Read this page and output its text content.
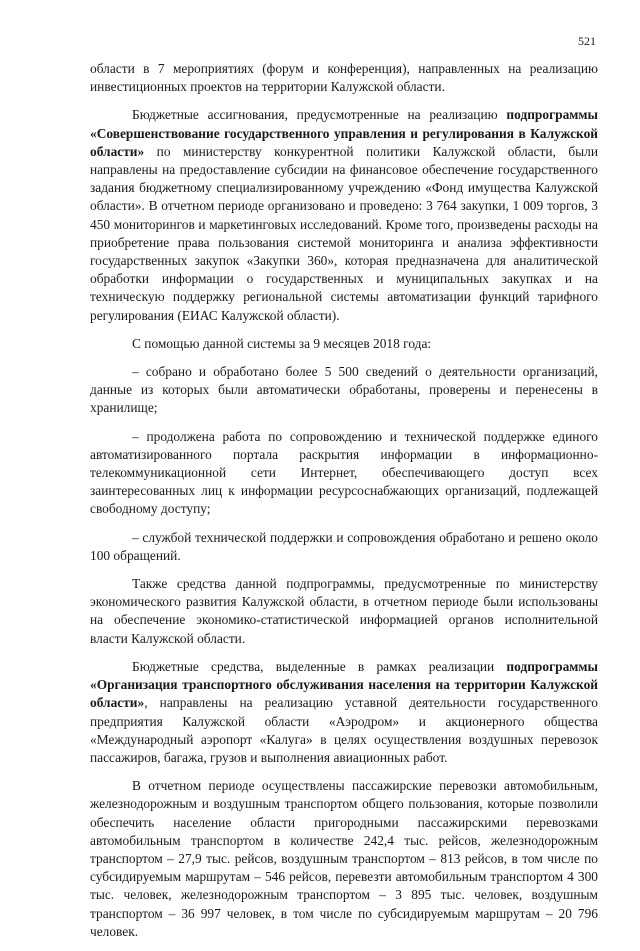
521

области в 7 мероприятиях (форум и конференция), направленных на реализацию инвестиционных проектов на территории Калужской области.

Бюджетные ассигнования, предусмотренные на реализацию подпрограммы «Совершенствование государственного управления и регулирования в Калужской области» по министерству конкурентной политики Калужской области, были направлены на предоставление субсидии на финансовое обеспечение государственного задания бюджетному специализированному учреждению «Фонд имущества Калужской области». В отчетном периоде организовано и проведено: 3 764 закупки, 1 009 торгов, 3 450 мониторингов и маркетинговых исследований. Кроме того, произведены расходы на приобретение права пользования системой мониторинга и анализа эффективности государственных закупок «Закупки 360», которая предназначена для аналитической обработки информации о государственных и муниципальных закупках и на техническую поддержку региональной системы автоматизации функций тарифного регулирования (ЕИАС Калужской области).

С помощью данной системы за 9 месяцев 2018 года:

– собрано и обработано более 5 500 сведений о деятельности организаций, данные из которых были автоматически обработаны, проверены и перенесены в хранилище;

– продолжена работа по сопровождению и технической поддержке единого автоматизированного портала раскрытия информации в информационно-телекоммуникационной сети Интернет, обеспечивающего доступ всех заинтересованных лиц к информации ресурсоснабжающих организаций, подлежащей свободному доступу;

– службой технической поддержки и сопровождения обработано и решено около 100 обращений.

Также средства данной подпрограммы, предусмотренные по министерству экономического развития Калужской области, в отчетном периоде были использованы на обеспечение экономико-статистической информацией органов исполнительной власти Калужской области.

Бюджетные средства, выделенные в рамках реализации подпрограммы «Организация транспортного обслуживания населения на территории Калужской области», направлены на реализацию уставной деятельности государственного предприятия Калужской области «Аэродром» и акционерного общества «Международный аэропорт «Калуга» в целях осуществления воздушных перевозок пассажиров, багажа, грузов и выполнения авиационных работ.

В отчетном периоде осуществлены пассажирские перевозки автомобильным, железнодорожным и воздушным транспортом общего пользования, которые позволили обеспечить население области пригородными пассажирскими перевозками автомобильным транспортом в количестве 242,4 тыс. рейсов, железнодорожным транспортом – 27,9 тыс. рейсов, воздушным транспортом – 813 рейсов, в том числе по субсидируемым маршрутам – 546 рейсов, перевезти автомобильным транспортом 4 300 тыс. человек, железнодорожным транспортом – 3 895 тыс. человек, воздушным транспортом – 36 997 человек, в том числе по субсидируемым маршрутам – 20 796 человек.
